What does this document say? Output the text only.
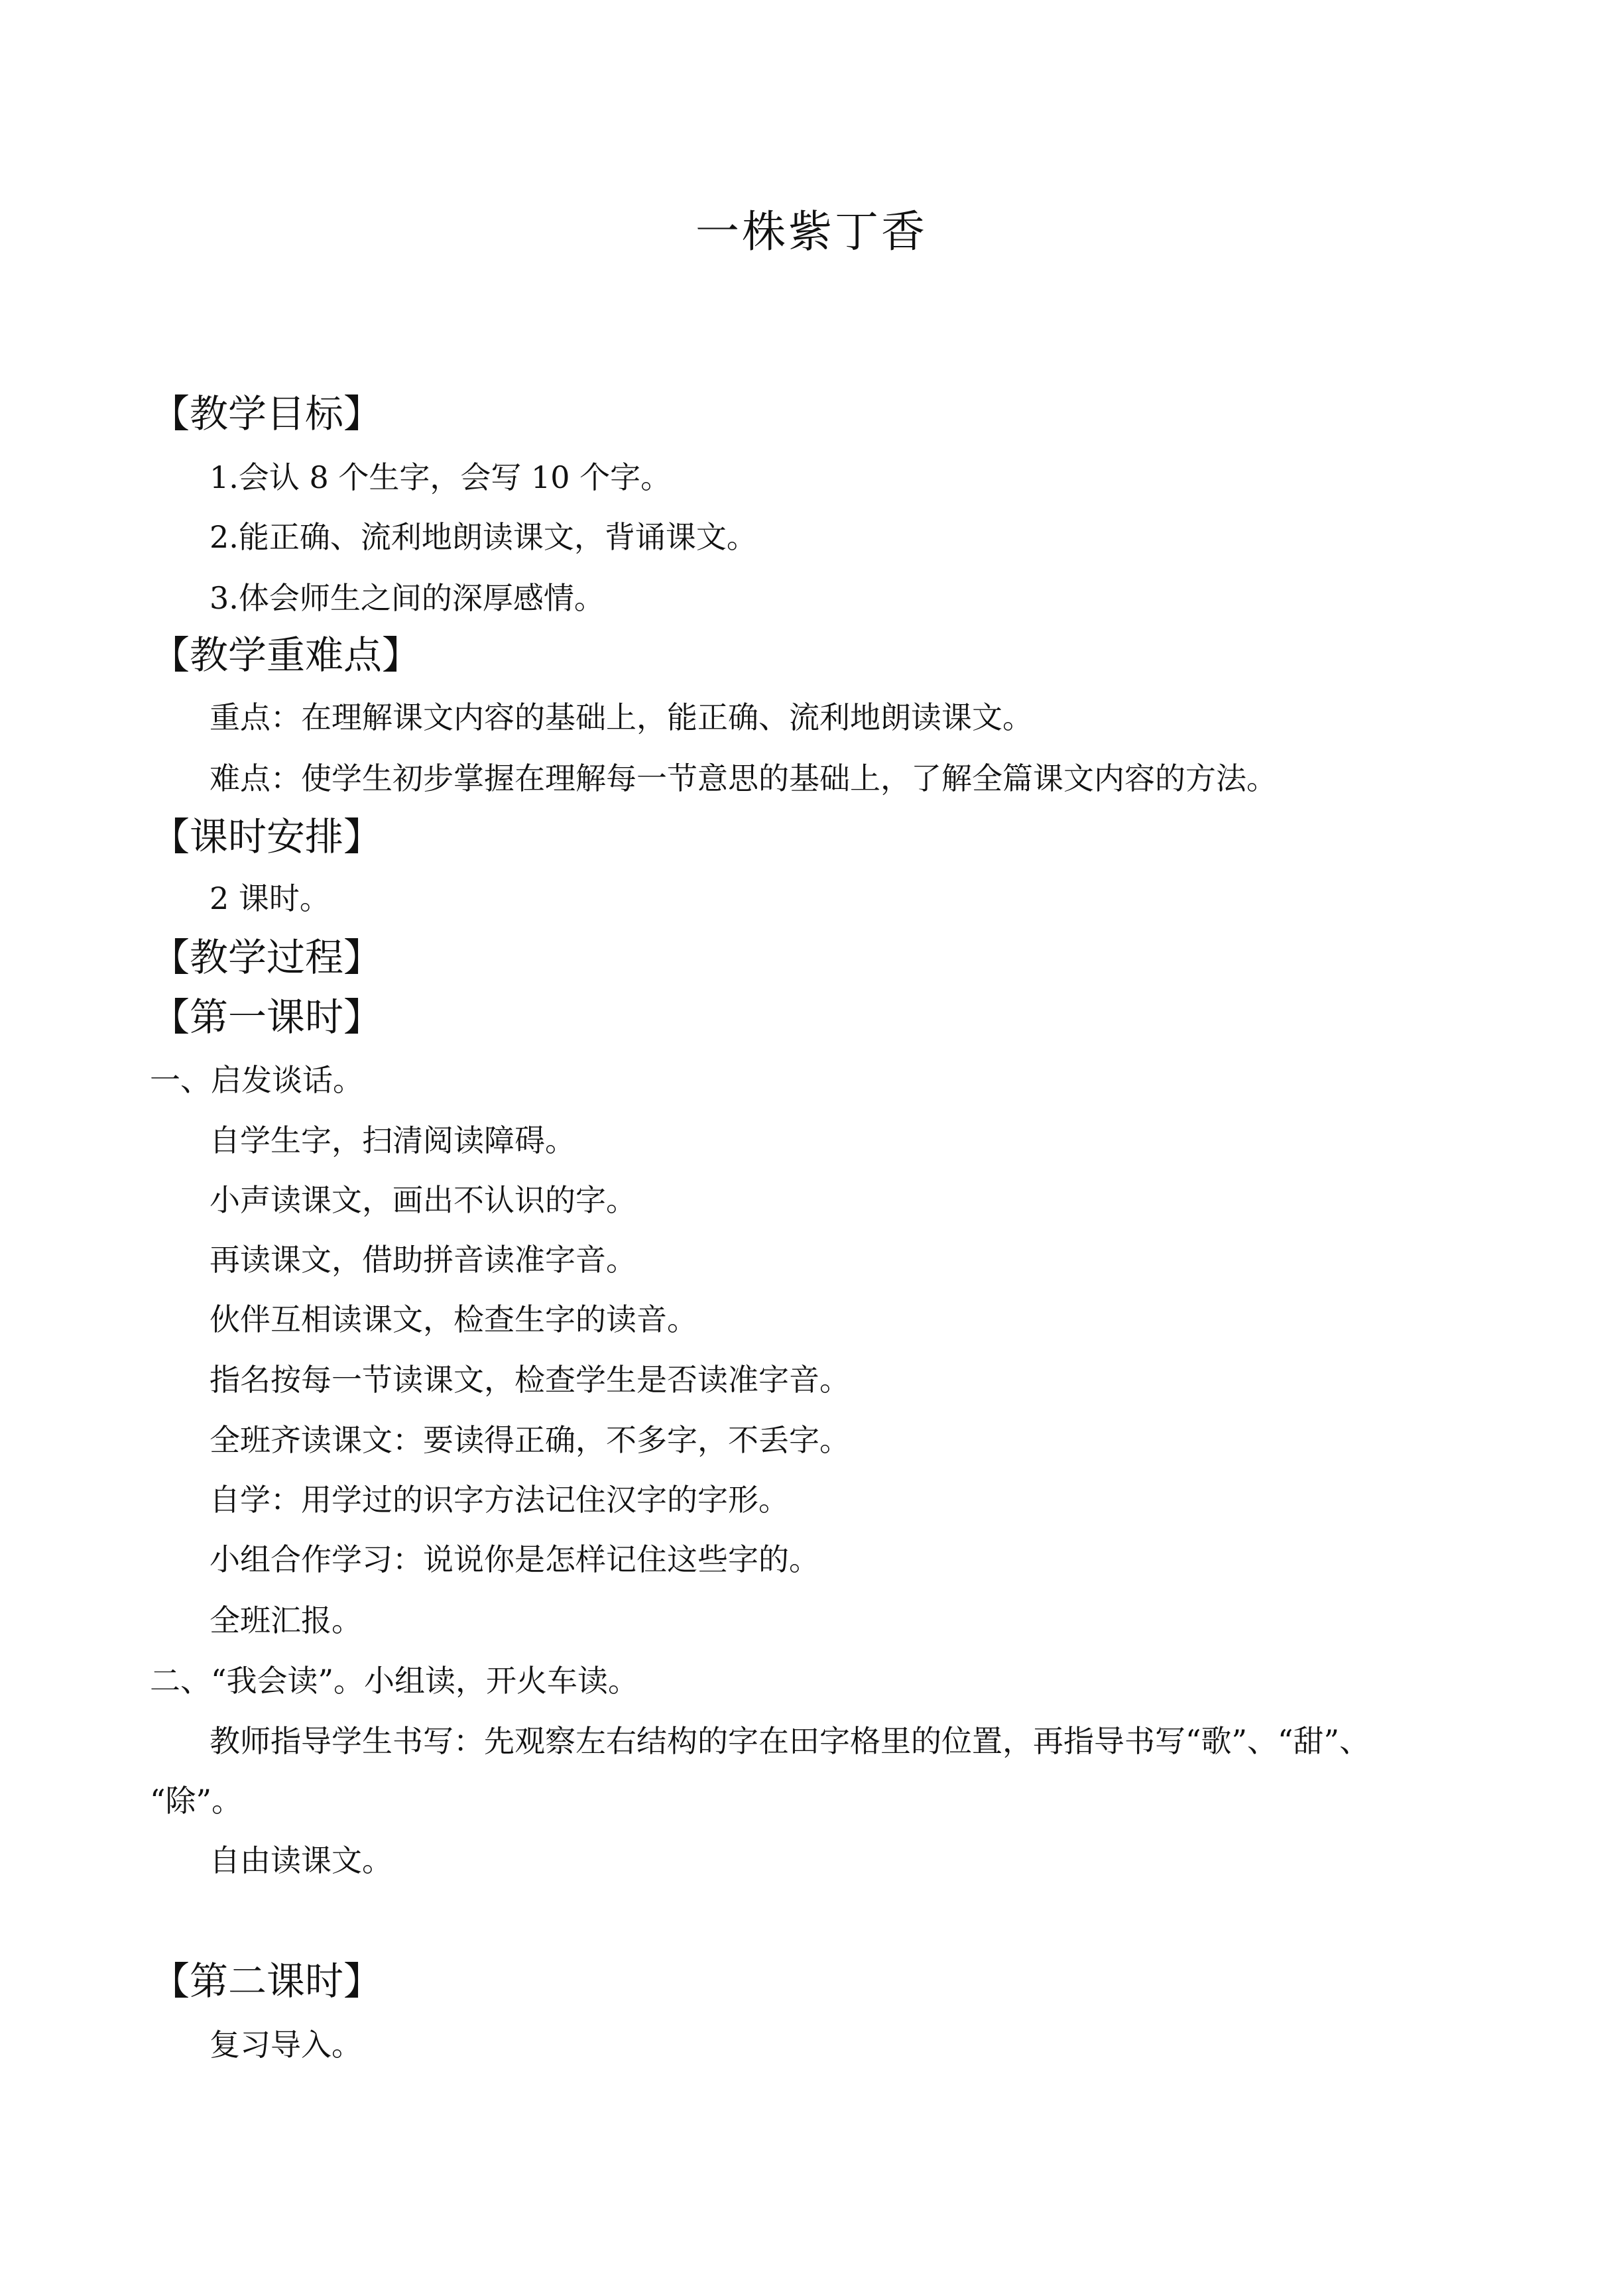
一株紫丁香
【教学目标】
1.会认 8 个生字，会写 10 个字。
2.能正确、流利地朗读课文，背诵课文。
3.体会师生之间的深厚感情。
【教学重难点】
重点：在理解课文内容的基础上，能正确、流利地朗读课文。
难点：使学生初步掌握在理解每一节意思的基础上，了解全篇课文内容的方法。
【课时安排】
2 课时。
【教学过程】
【第一课时】
一、启发谈话。
自学生字，扫清阅读障碍。
小声读课文，画出不认识的字。
再读课文，借助拼音读准字音。
伙伴互相读课文，检查生字的读音。
指名按每一节读课文，检查学生是否读准字音。
全班齐读课文：要读得正确，不多字，不丢字。
自学：用学过的识字方法记住汉字的字形。
小组合作学习：说说你是怎样记住这些字的。
全班汇报。
二、“我会读”。小组读，开火车读。
教师指导学生书写：先观察左右结构的字在田字格里的位置，再指导书写“歌”、“甜”、
“除”。
自由读课文。
【第二课时】
复习导入。
